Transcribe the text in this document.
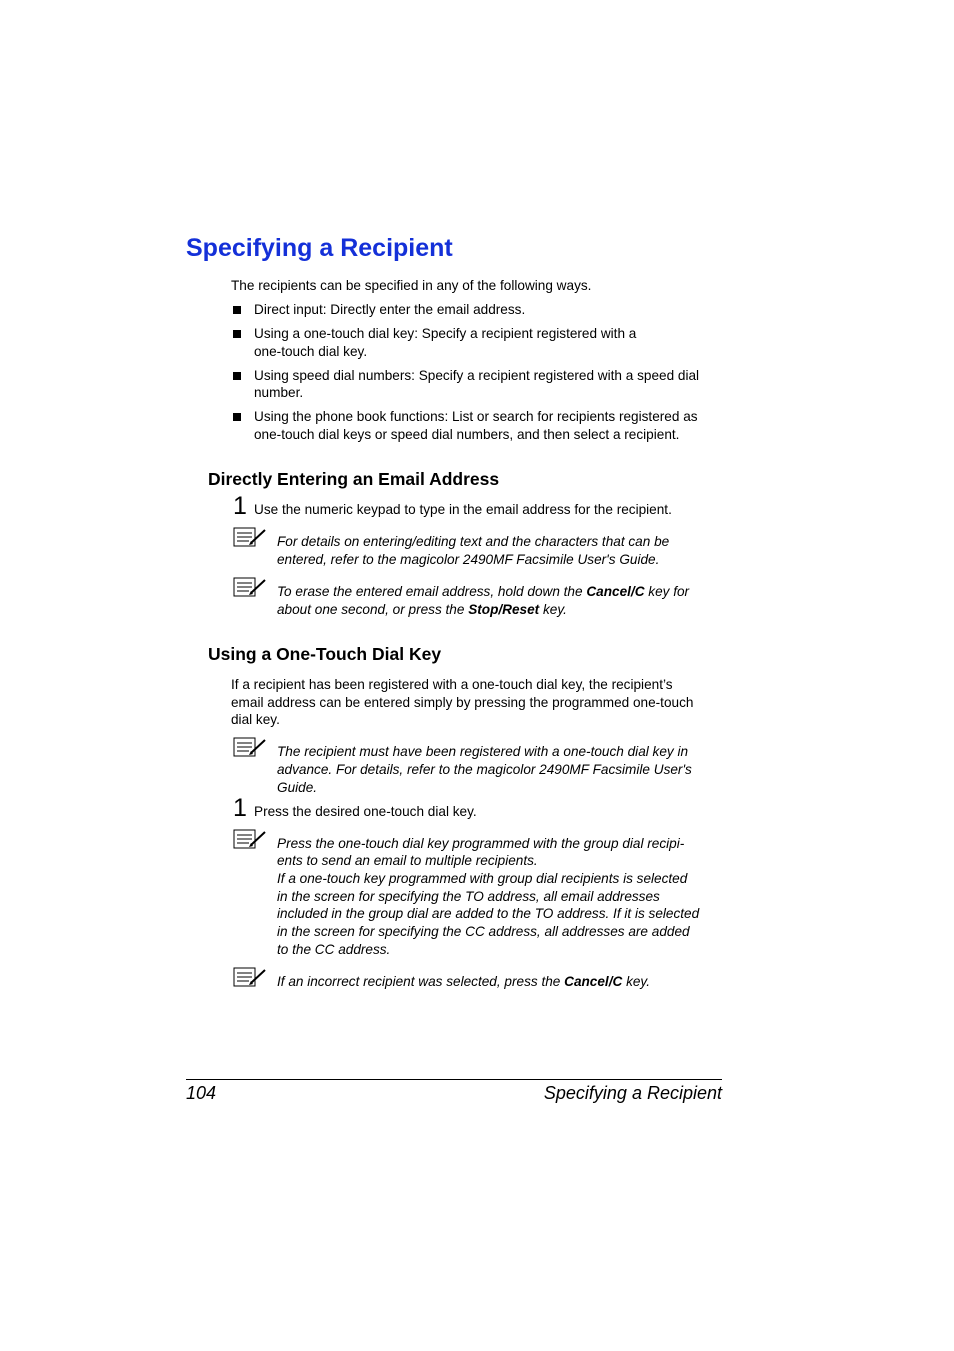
Specifying a Recipient
The recipients can be specified in any of the following ways.
Direct input: Directly enter the email address.
Using a one-touch dial key: Specify a recipient registered with a
one-touch dial key.
Using speed dial numbers: Specify a recipient registered with a speed dial
number.
Using the phone book functions: List or search for recipients registered as
one-touch dial keys or speed dial numbers, and then select a recipient.
Directly Entering an Email Address
1 Use the numeric keypad to type in the email address for the recipient.
For details on entering/editing text and the characters that can be
entered, refer to the magicolor 2490MF Facsimile User's Guide.
To erase the entered email address, hold down the Cancel/C key for
about one second, or press the Stop/Reset key.
Using a One-Touch Dial Key
If a recipient has been registered with a one-touch dial key, the recipient’s
email address can be entered simply by pressing the programmed one-touch
dial key.
The recipient must have been registered with a one-touch dial key in
advance. For details, refer to the magicolor 2490MF Facsimile User's
Guide.
1 Press the desired one-touch dial key.
Press the one-touch dial key programmed with the group dial recipi-
ents to send an email to multiple recipients.
If a one-touch key programmed with group dial recipients is selected
in the screen for specifying the TO address, all email addresses
included in the group dial are added to the TO address. If it is selected
in the screen for specifying the CC address, all addresses are added
to the CC address.
If an incorrect recipient was selected, press the Cancel/C key.
104	Specifying a Recipient
